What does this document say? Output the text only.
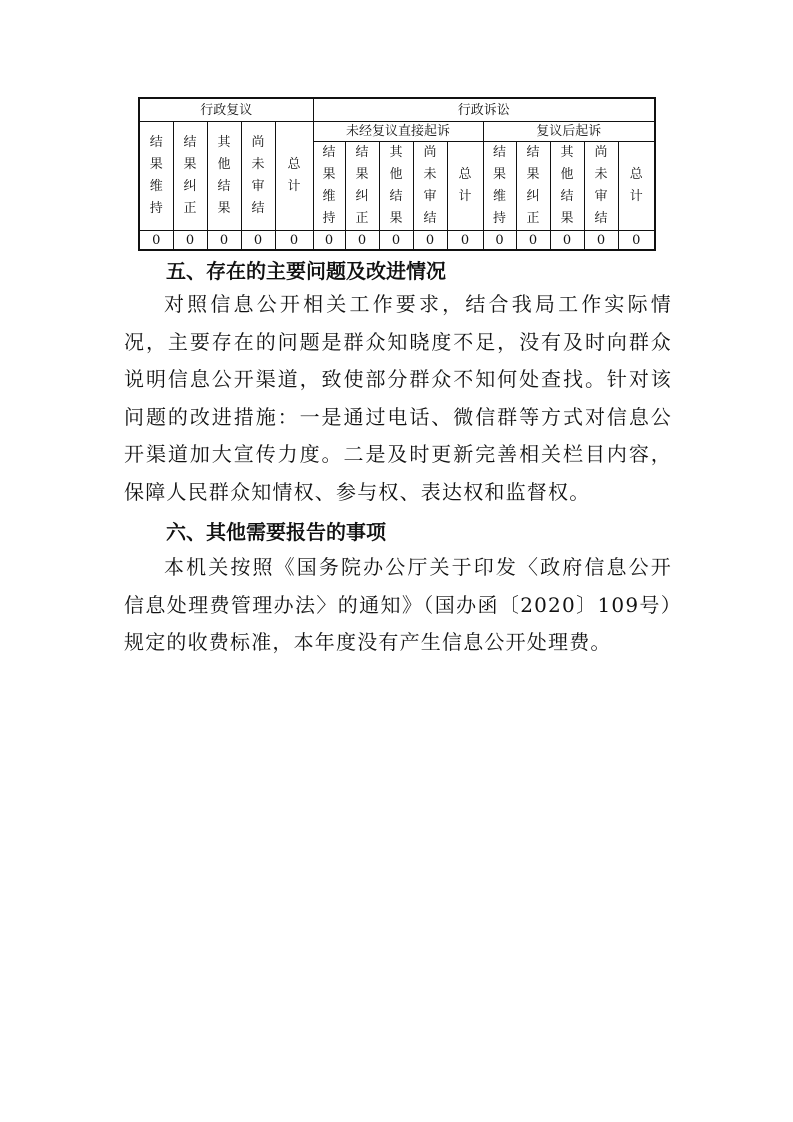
行政复议					行政诉讼									
结果维持	结果纠正	其他结果	尚未审结	总计	未经复议直接起诉					复议后起诉				
					结果维持	结果纠正	其他结果	尚未审结	总计	结果维持	结果纠正	其他结果	尚未审结	总计

0	0	0	0	0	0	0	0	0	0	0	0	0	0	0
五、存在的主要问题及改进情况
对照信息公开相关工作要求，结合我局工作实际情况，主要存在的问题是群众知晓度不足，没有及时向群众说明信息公开渠道，致使部分群众不知何处查找。针对该问题的改进措施：一是通过电话、微信群等方式对信息公开渠道加大宣传力度。二是及时更新完善相关栏目内容，保障人民群众知情权、参与权、表达权和监督权。
六、其他需要报告的事项
本机关按照《国务院办公厅关于印发〈政府信息公开信息处理费管理办法〉的通知》（国办函〔2020〕109号）规定的收费标准，本年度没有产生信息公开处理费。
